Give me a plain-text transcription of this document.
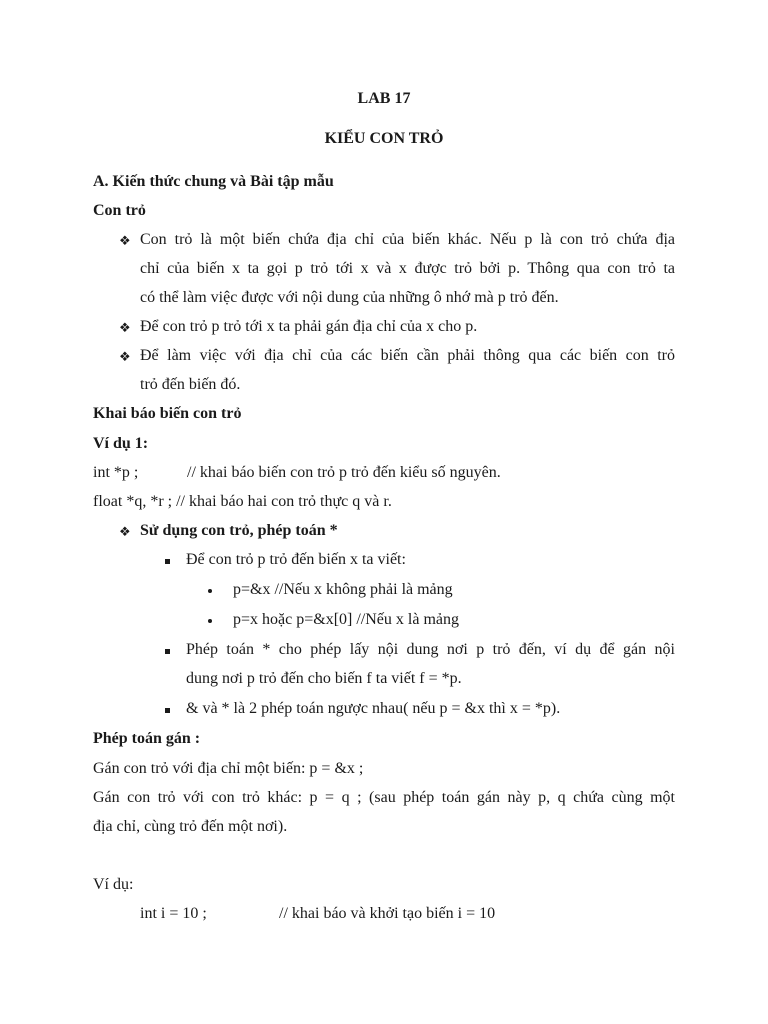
LAB 17
KIỂU CON TRỎ
A. Kiến thức chung và Bài tập mẫu
Con trỏ
❖ Con trỏ là một biến chứa địa chỉ của biến khác. Nếu p là con trỏ chứa địa
chỉ của biến x ta gọi p trỏ tới x và x được trỏ bởi p. Thông qua con trỏ ta
có thể làm việc được với nội dung của những ô nhớ mà p trỏ đến.
❖ Để con trỏ p trỏ tới x ta phải gán địa chỉ của x cho p.
❖ Để làm việc với địa chỉ của các biến cần phải thông qua các biến con trỏ
trỏ đến biến đó.
Khai báo biến con trỏ
Ví dụ 1:
int *p ;	// khai báo biến con trỏ p trỏ đến kiểu số nguyên.
float *q, *r ; // khai báo hai con trỏ thực q và r.
❖ Sử dụng con trỏ, phép toán *
Để con trỏ p trỏ đến biến x ta viết:
p=&x //Nếu x không phải là mảng
p=x hoặc p=&x[0] //Nếu x là mảng
Phép toán * cho phép lấy nội dung nơi p trỏ đến, ví dụ để gán nội
dung nơi p trỏ đến cho biến f ta viết f = *p.
& và * là 2 phép toán ngược nhau( nếu p = &x thì x = *p).
Phép toán gán :
Gán con trỏ với địa chỉ một biến: p = &x ;
Gán con trỏ với con trỏ khác: p = q ; (sau phép toán gán này p, q chứa cùng một
địa chỉ, cùng trỏ đến một nơi).
Ví dụ:
int i = 10 ;	// khai báo và khởi tạo biến i = 10
